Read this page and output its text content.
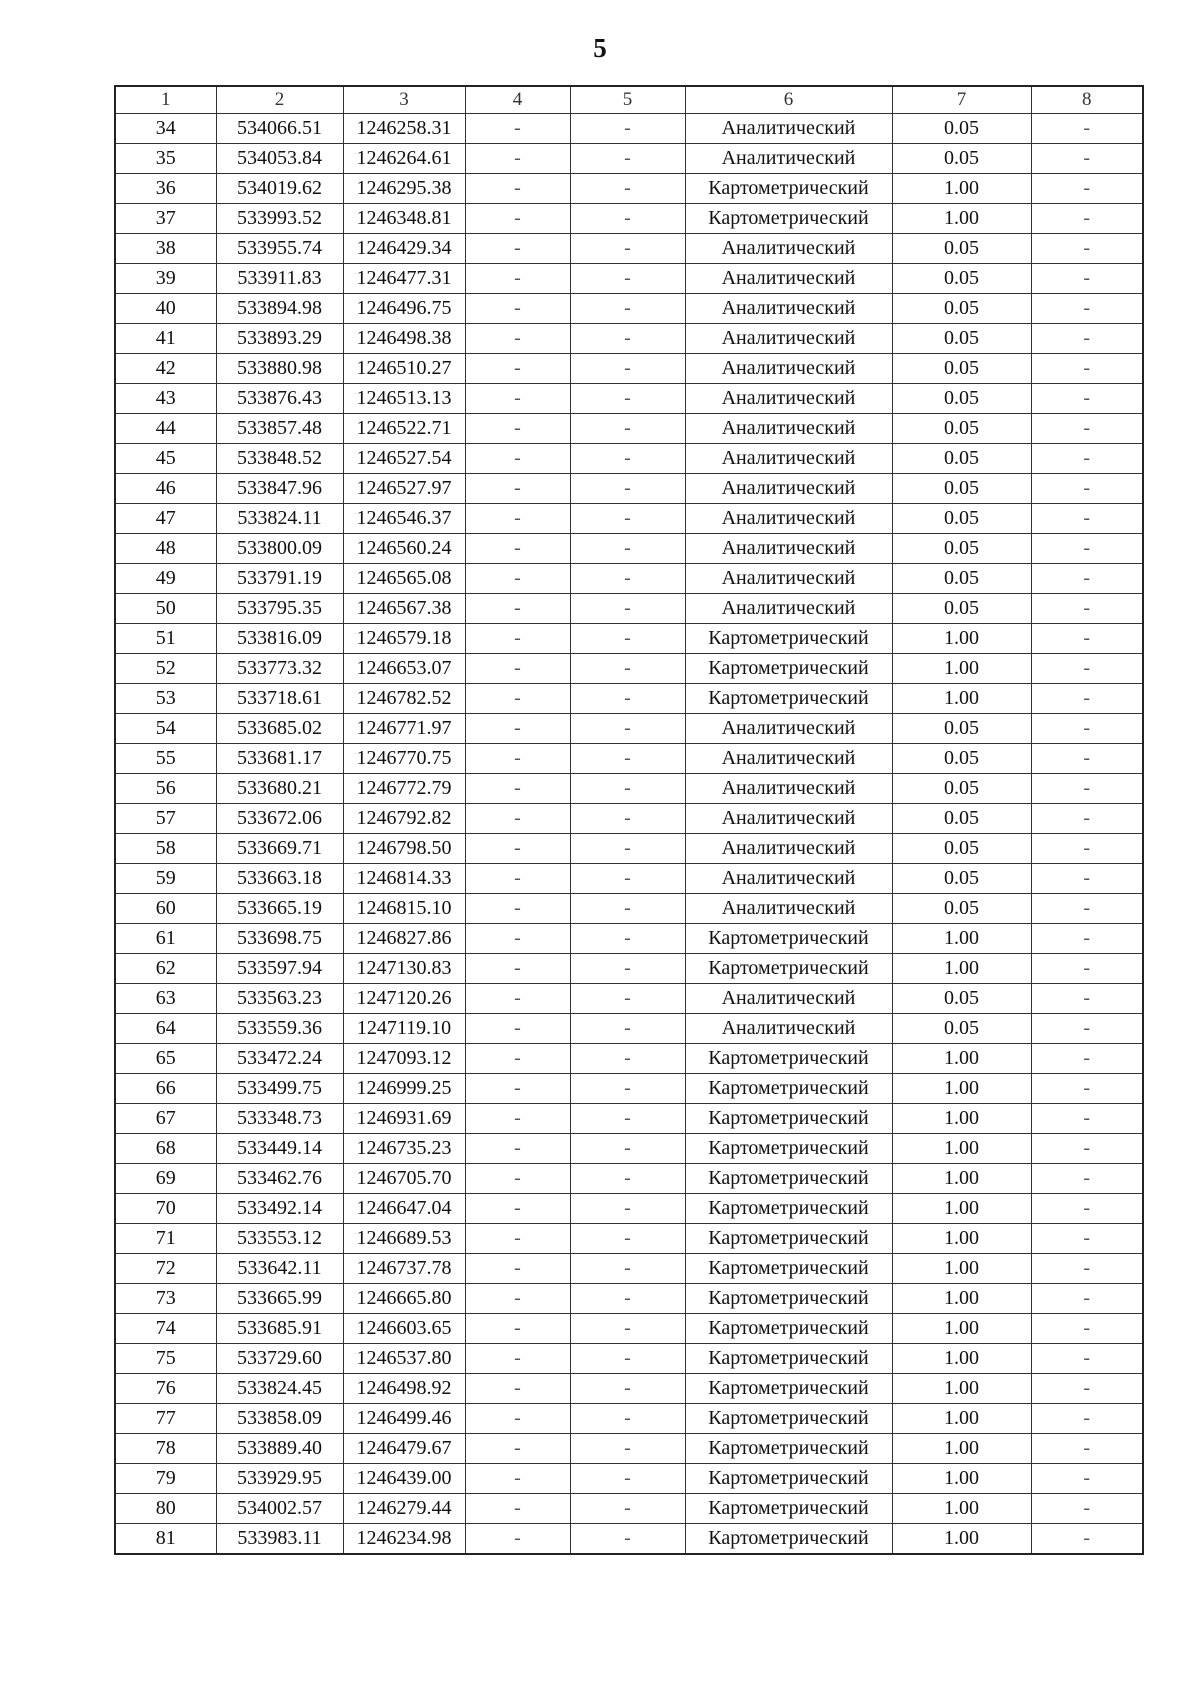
5
1	2	3	4	5	6	7	8
34	534066.51	1246258.31	-	-	Аналитический	0.05	-
35	534053.84	1246264.61	-	-	Аналитический	0.05	-
36	534019.62	1246295.38	-	-	Картометрический	1.00	-
37	533993.52	1246348.81	-	-	Картометрический	1.00	-
38	533955.74	1246429.34	-	-	Аналитический	0.05	-
39	533911.83	1246477.31	-	-	Аналитический	0.05	-
40	533894.98	1246496.75	-	-	Аналитический	0.05	-
41	533893.29	1246498.38	-	-	Аналитический	0.05	-
42	533880.98	1246510.27	-	-	Аналитический	0.05	-
43	533876.43	1246513.13	-	-	Аналитический	0.05	-
44	533857.48	1246522.71	-	-	Аналитический	0.05	-
45	533848.52	1246527.54	-	-	Аналитический	0.05	-
46	533847.96	1246527.97	-	-	Аналитический	0.05	-
47	533824.11	1246546.37	-	-	Аналитический	0.05	-
48	533800.09	1246560.24	-	-	Аналитический	0.05	-
49	533791.19	1246565.08	-	-	Аналитический	0.05	-
50	533795.35	1246567.38	-	-	Аналитический	0.05	-
51	533816.09	1246579.18	-	-	Картометрический	1.00	-
52	533773.32	1246653.07	-	-	Картометрический	1.00	-
53	533718.61	1246782.52	-	-	Картометрический	1.00	-
54	533685.02	1246771.97	-	-	Аналитический	0.05	-
55	533681.17	1246770.75	-	-	Аналитический	0.05	-
56	533680.21	1246772.79	-	-	Аналитический	0.05	-
57	533672.06	1246792.82	-	-	Аналитический	0.05	-
58	533669.71	1246798.50	-	-	Аналитический	0.05	-
59	533663.18	1246814.33	-	-	Аналитический	0.05	-
60	533665.19	1246815.10	-	-	Аналитический	0.05	-
61	533698.75	1246827.86	-	-	Картометрический	1.00	-
62	533597.94	1247130.83	-	-	Картометрический	1.00	-
63	533563.23	1247120.26	-	-	Аналитический	0.05	-
64	533559.36	1247119.10	-	-	Аналитический	0.05	-
65	533472.24	1247093.12	-	-	Картометрический	1.00	-
66	533499.75	1246999.25	-	-	Картометрический	1.00	-
67	533348.73	1246931.69	-	-	Картометрический	1.00	-
68	533449.14	1246735.23	-	-	Картометрический	1.00	-
69	533462.76	1246705.70	-	-	Картометрический	1.00	-
70	533492.14	1246647.04	-	-	Картометрический	1.00	-
71	533553.12	1246689.53	-	-	Картометрический	1.00	-
72	533642.11	1246737.78	-	-	Картометрический	1.00	-
73	533665.99	1246665.80	-	-	Картометрический	1.00	-
74	533685.91	1246603.65	-	-	Картометрический	1.00	-
75	533729.60	1246537.80	-	-	Картометрический	1.00	-
76	533824.45	1246498.92	-	-	Картометрический	1.00	-
77	533858.09	1246499.46	-	-	Картометрический	1.00	-
78	533889.40	1246479.67	-	-	Картометрический	1.00	-
79	533929.95	1246439.00	-	-	Картометрический	1.00	-
80	534002.57	1246279.44	-	-	Картометрический	1.00	-
81	533983.11	1246234.98	-	-	Картометрический	1.00	-
